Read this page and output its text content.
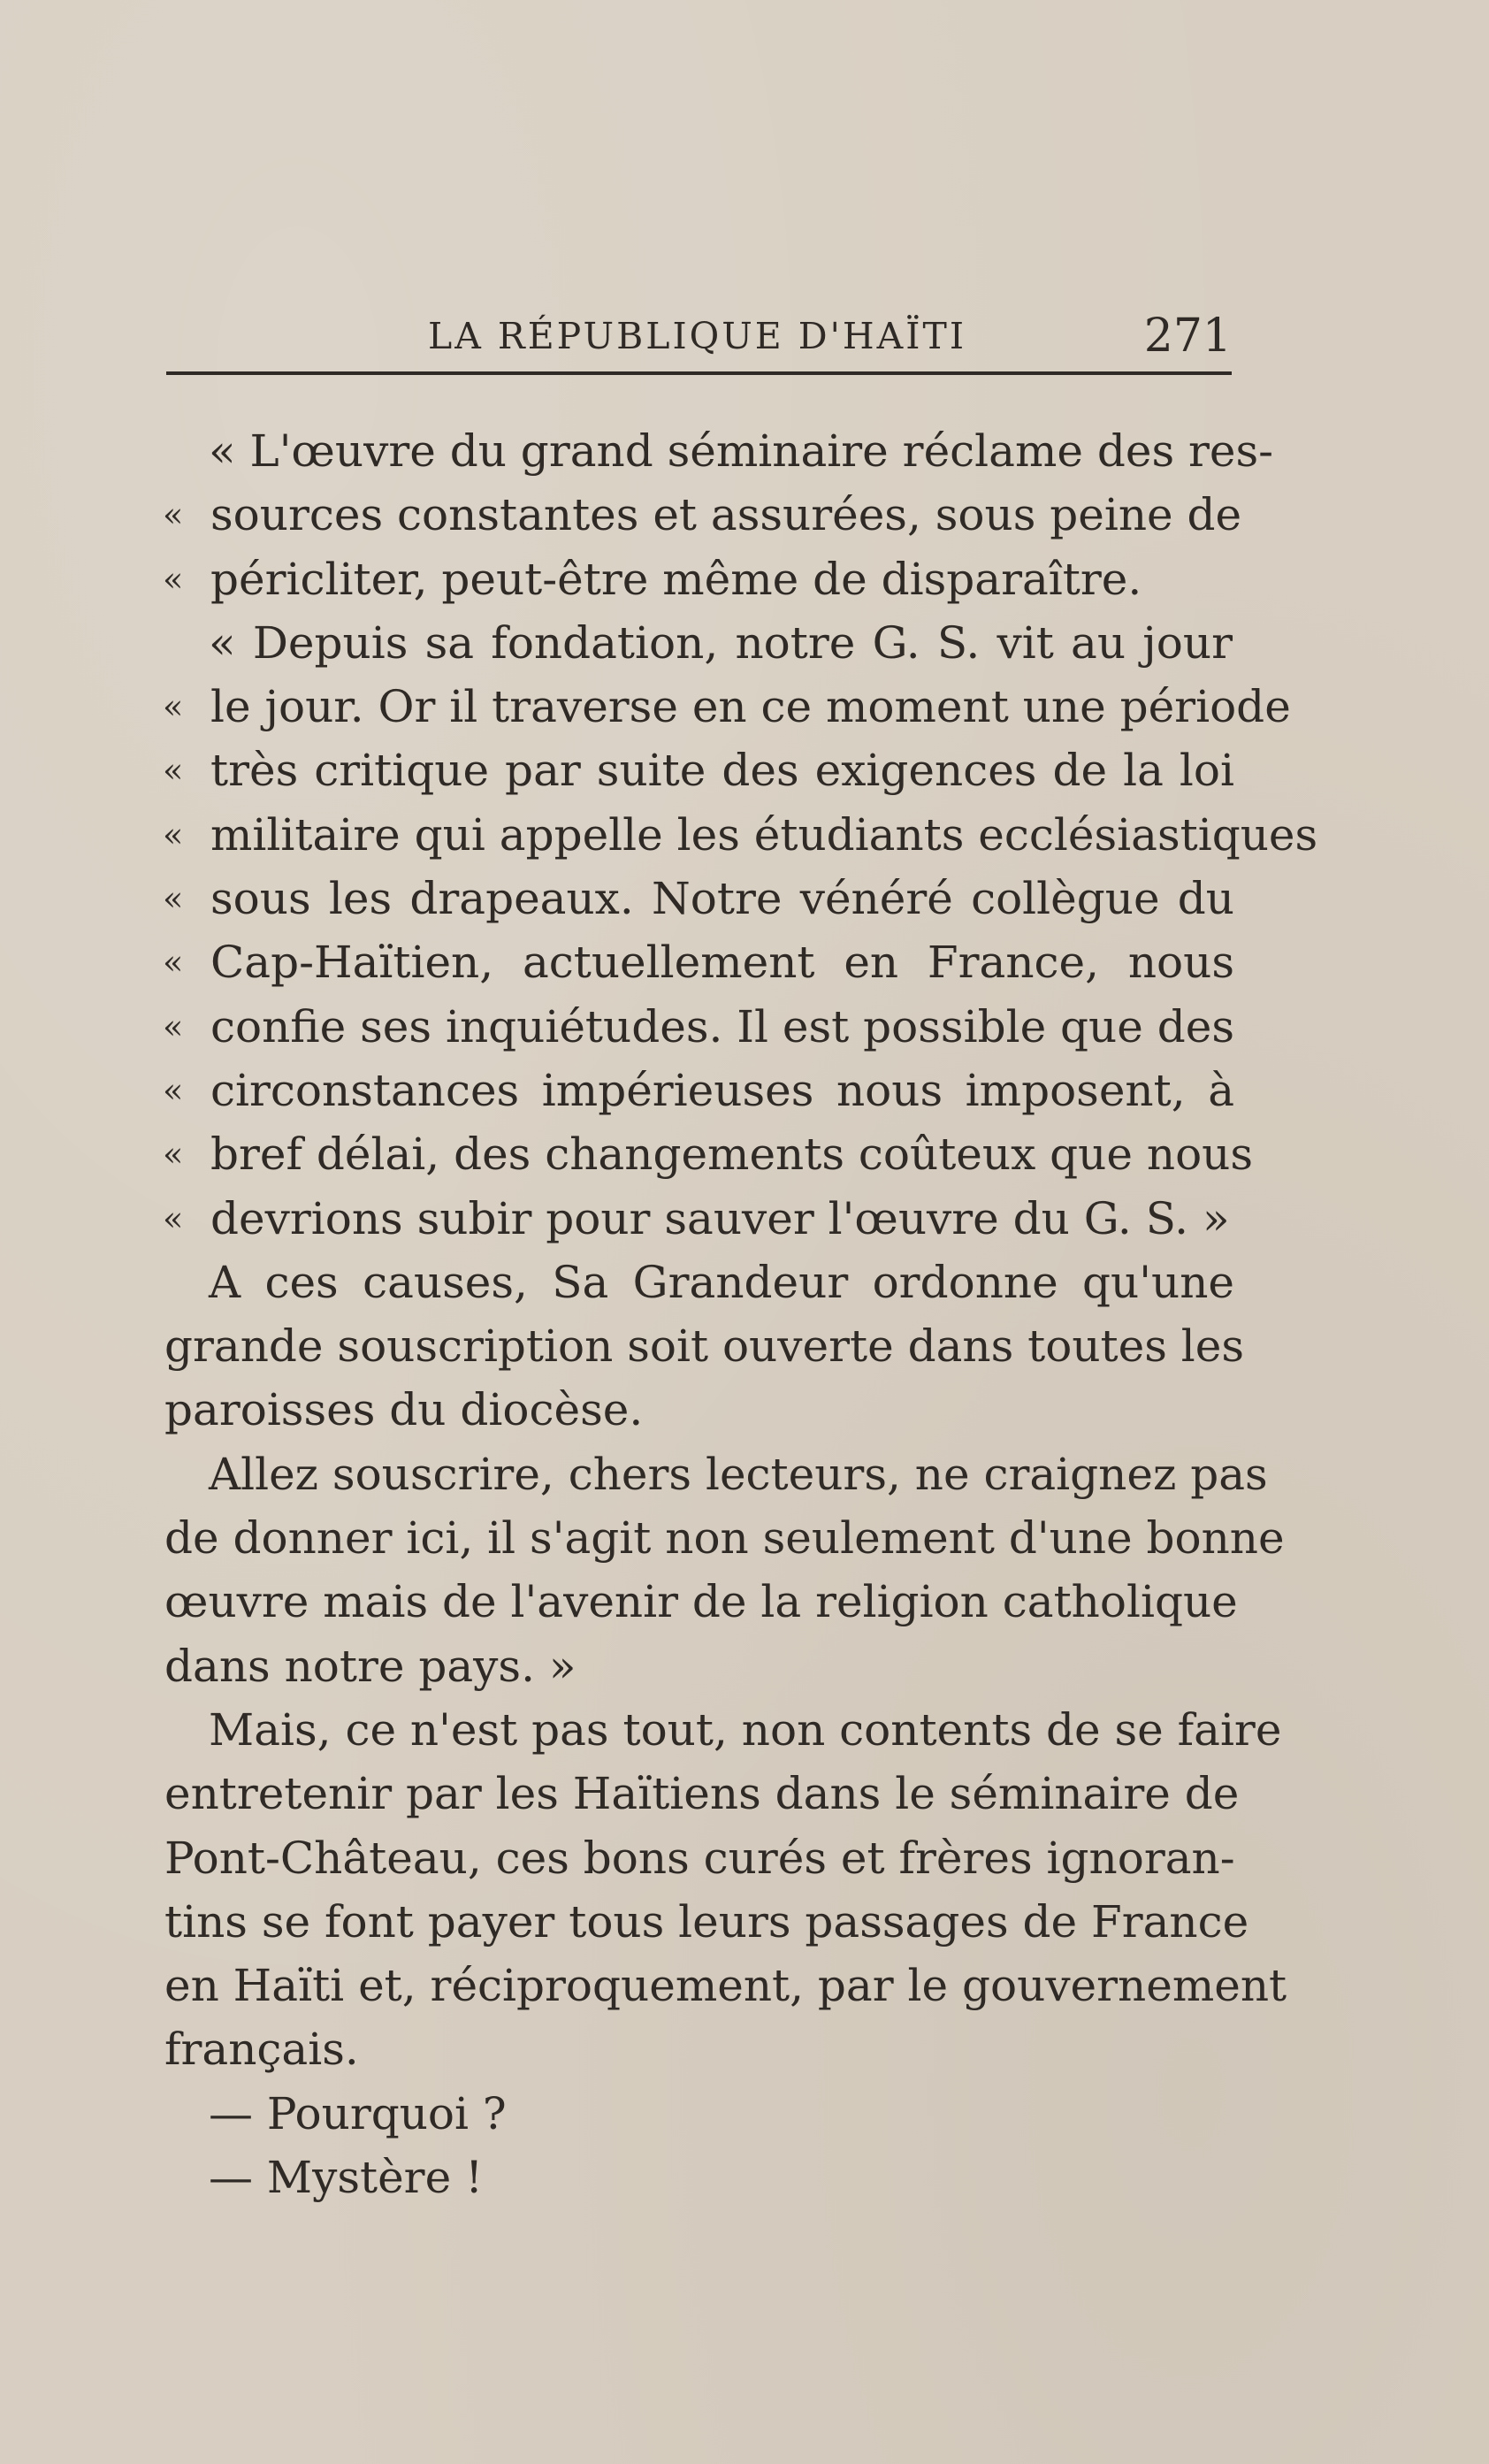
LA RÉPUBLIQUE D'HAÏTI	271
« L'œuvre du grand séminaire réclame des res-
« sources constantes et assurées, sous peine de
« péricliter, peut-être même de disparaître.
« Depuis sa fondation, notre G. S. vit au jour
« le jour. Or il traverse en ce moment une période
« très critique par suite des exigences de la loi
« militaire qui appelle les étudiants ecclésiastiques
« sous les drapeaux. Notre vénéré collègue du
« Cap-Haïtien, actuellement en France, nous
« confie ses inquiétudes. Il est possible que des
« circonstances impérieuses nous imposent, à
« bref délai, des changements coûteux que nous
« devrions subir pour sauver l'œuvre du G. S. »
A ces causes, Sa Grandeur ordonne qu'une
grande souscription soit ouverte dans toutes les
paroisses du diocèse.
Allez souscrire, chers lecteurs, ne craignez pas
de donner ici, il s'agit non seulement d'une bonne
œuvre mais de l'avenir de la religion catholique
dans notre pays. »
Mais, ce n'est pas tout, non contents de se faire
entretenir par les Haïtiens dans le séminaire de
Pont-Château, ces bons curés et frères ignoran-
tins se font payer tous leurs passages de France
en Haïti et, réciproquement, par le gouvernement
français.
— Pourquoi ?
— Mystère !
